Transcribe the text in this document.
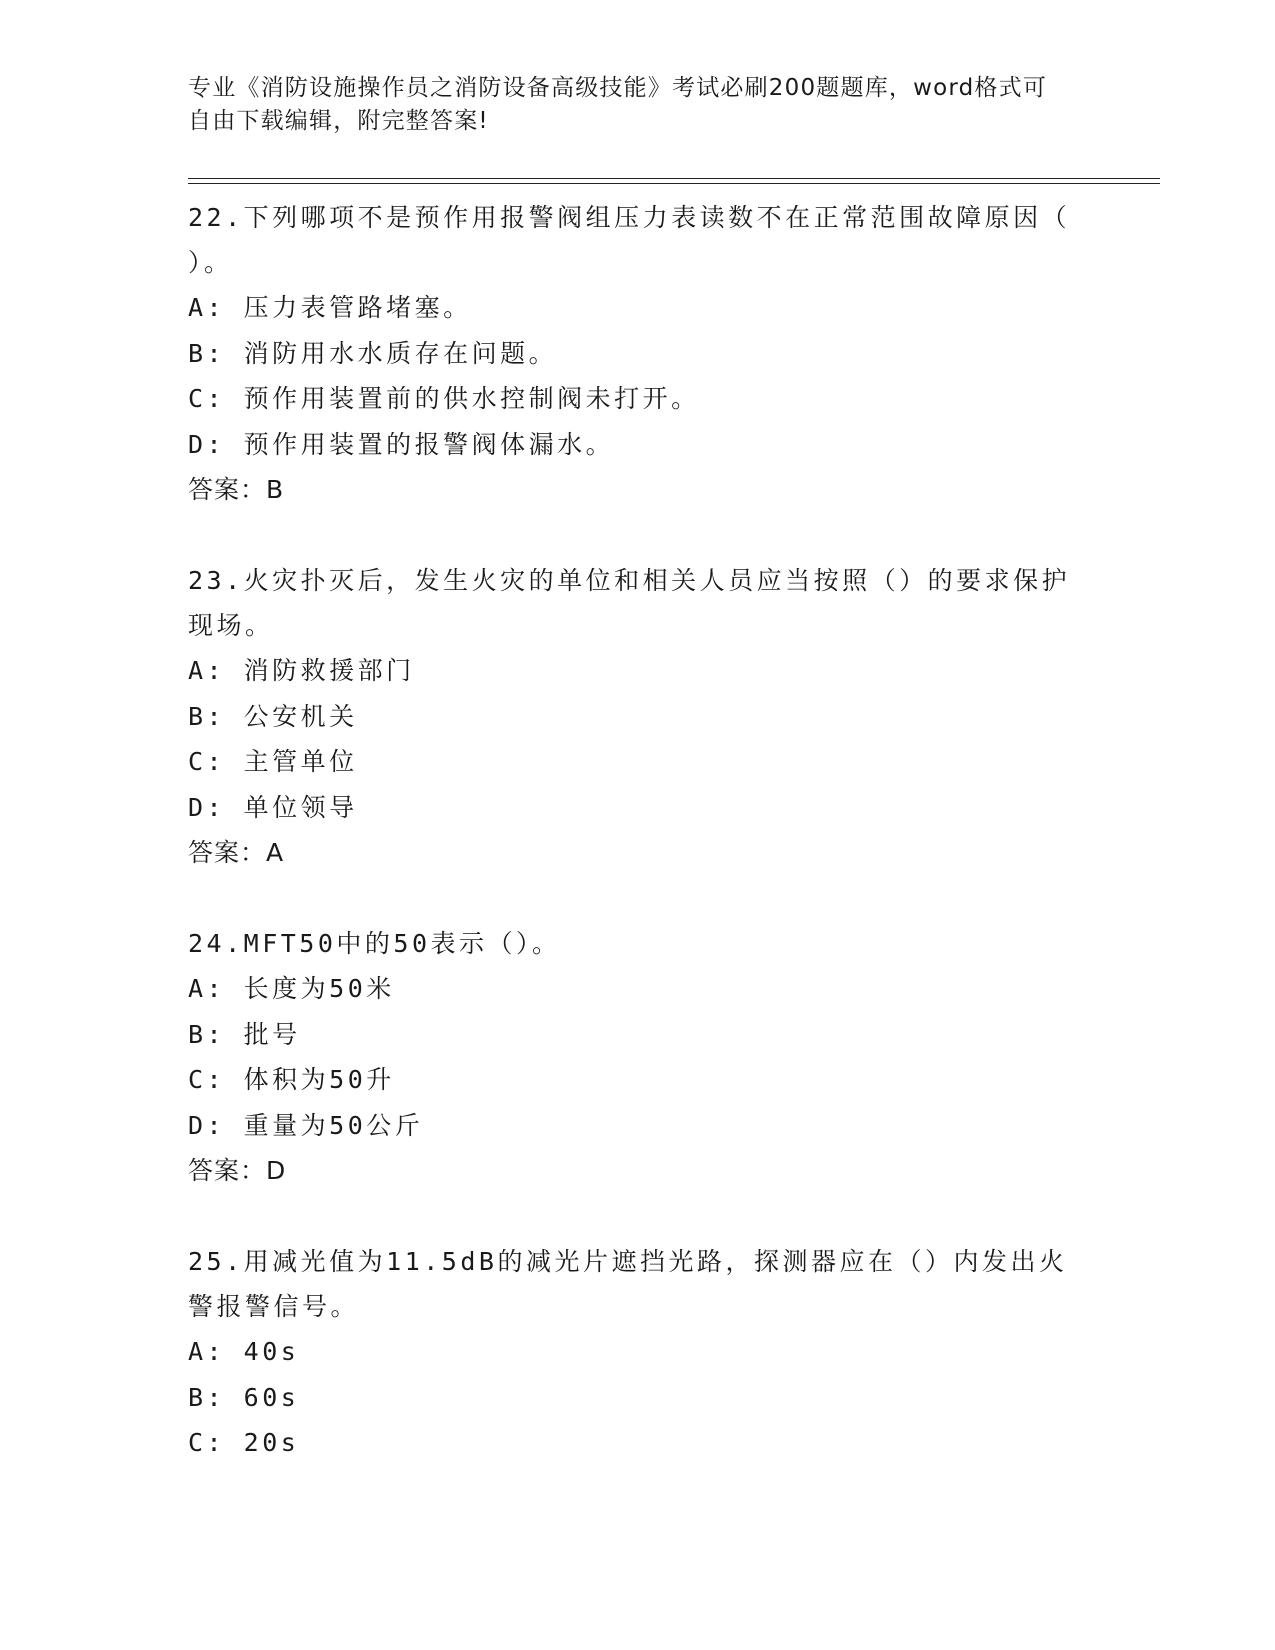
专业《消防设施操作员之消防设备高级技能》考试必刷200题题库，word格式可
自由下载编辑，附完整答案!

22.下列哪项不是预作用报警阀组压力表读数不在正常范围故障原因（

）。

A: 压力表管路堵塞。

B: 消防用水水质存在问题。

C: 预作用装置前的供水控制阀未打开。

D: 预作用装置的报警阀体漏水。

答案：B

23.火灾扑灭后，发生火灾的单位和相关人员应当按照（）的要求保护

现场。

A: 消防救援部门

B: 公安机关

C: 主管单位

D: 单位领导

答案：A

24.MFT50中的50表示（）。

A: 长度为50米

B: 批号

C: 体积为50升

D: 重量为50公斤

答案：D

25.用减光值为11.5dB的减光片遮挡光路，探测器应在（）内发出火

警报警信号。

A: 40s

B: 60s

C: 20s
